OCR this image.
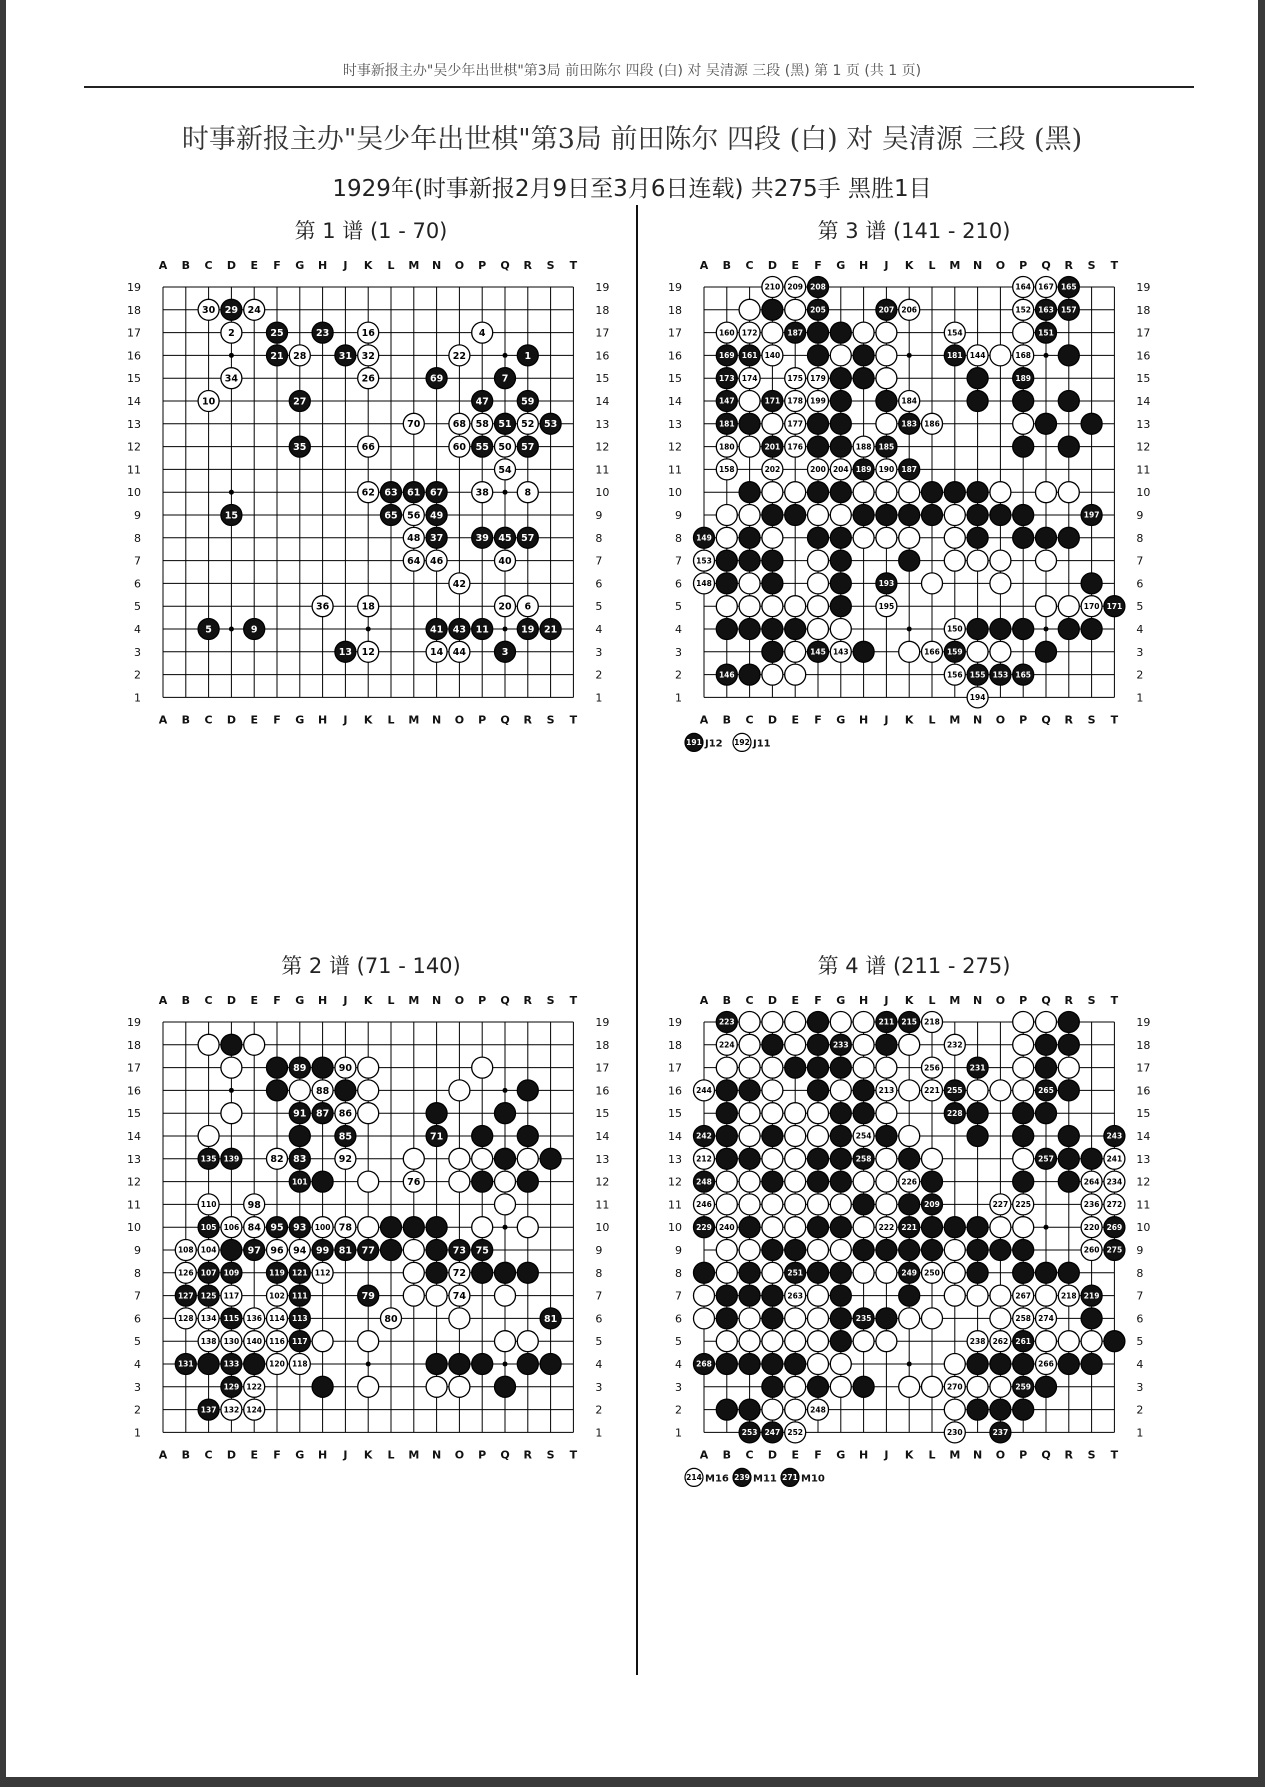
时事新报主办"吴少年出世棋"第3局 前田陈尔 四段 (白) 对 吴清源 三段 (黑) 第 1 页 (共 1 页)
时事新报主办"吴少年出世棋"第3局 前田陈尔 四段 (白) 对 吴清源 三段 (黑)
1929年(时事新报2月9日至3月6日连载) 共275手 黑胜1目
第 1 谱 (1 - 70)
A
A
B
B
C
C
D
D
E
E
F
F
G
G
H
H
J
J
K
K
L
L
M
M
N
N
O
O
P
P
Q
Q
R
R
S
S
T
T
1	1
2	2
3	3
4	4
5	5
6	6
7	7
8	8
9	9
10	10
11	11
12	12
13	13
14	14
15	15
16	16
17	17
18	18
19	19
30 29 24
2	25	23	16	4
21 28	31 32	22	1
34	26	69	7
10	27	47	59
70	68 58 51 52 53
35	66	60 55 50 57
54
62 63 61 67	38	8
15	65 56 49
48 37	39 45 57
64 46	40
42
36	18	20 6
5	9	41 43 11	19 21
13 12	14 44	3
第 3 谱 (141 - 210)
A
A
B
B
C
C
D
D
E
E
F
F
G
G
H
H
J
J
K
K
L
L
M
M
N
N
O
O
P
P
Q
Q
R
R
S
S
T
T
1	1
2	2
3	3
4	4
5	5
6	6
7	7
8	8
9	9
10	10
11	11
12	12
13	13
14	14
15	15
16	16
17	17
18	18
19	19
210 209 208	164 167 165
205	207 206	152 163 157
160 172	187	154	151
169 161 140	181 144	168
173 174	175 179	189
147	171 178 199	184
181	177	183 186
180	201 176	188 185
158	202	200 204 189 190 187
197
149
153
148	193
195	170 171
150
145 143	166 159
146	156 155 153 165
194
191 J12 192 J11
第 2 谱 (71 - 140)
A
A
B
B
C
C
D
D
E
E
F
F
G
G
H
H
J
J
K
K
L
L
M
M
N
N
O
O
P
P
Q
Q
R
R
S
S
T
T
1	1
2	2
3	3
4	4
5	5
6	6
7	7
8	8
9	9
10	10
11	11
12	12
13	13
14	14
15	15
16	16
17	17
18	18
19	19
89	90
88
91 87 86
85	71
135 139	82 83	92
101	76
110	98
105 106 84 95 93 100 78
108 104	97 96 94 99 81 77	73 75
126 107 109	119 121 112	72
127 125 117	102 111	79	74
128 134 115 136 114 113	80	81
138 130 140 116 117
131	133	120 118
129 122
137 132 124
第 4 谱 (211 - 275)
A
A
B
B
C
C
D
D
E
E
F
F
G
G
H
H
J
J
K
K
L
L
M
M
N
N
O
O
P
P
Q
Q
R
R
S
S
T
T
1	1
2	2
3	3
4	4
5	5
6	6
7	7
8	8
9	9
10	10
11	11
12	12
13	13
14	14
15	15
16	16
17	17
18	18
19	19
223	211 215 218
224	233	232
256	231
244	213	221 255	265
228
242	254	243
212	258	257	241
248	226	264 234
246	209	227 225	236 272
229 240	222 221	220 269
260 275
251	249 250
263	267	218 219
235	258 274
238 262 261
268	266
270	259
248
253 247 252	230	237
214 M16 239 M11 271 M10
